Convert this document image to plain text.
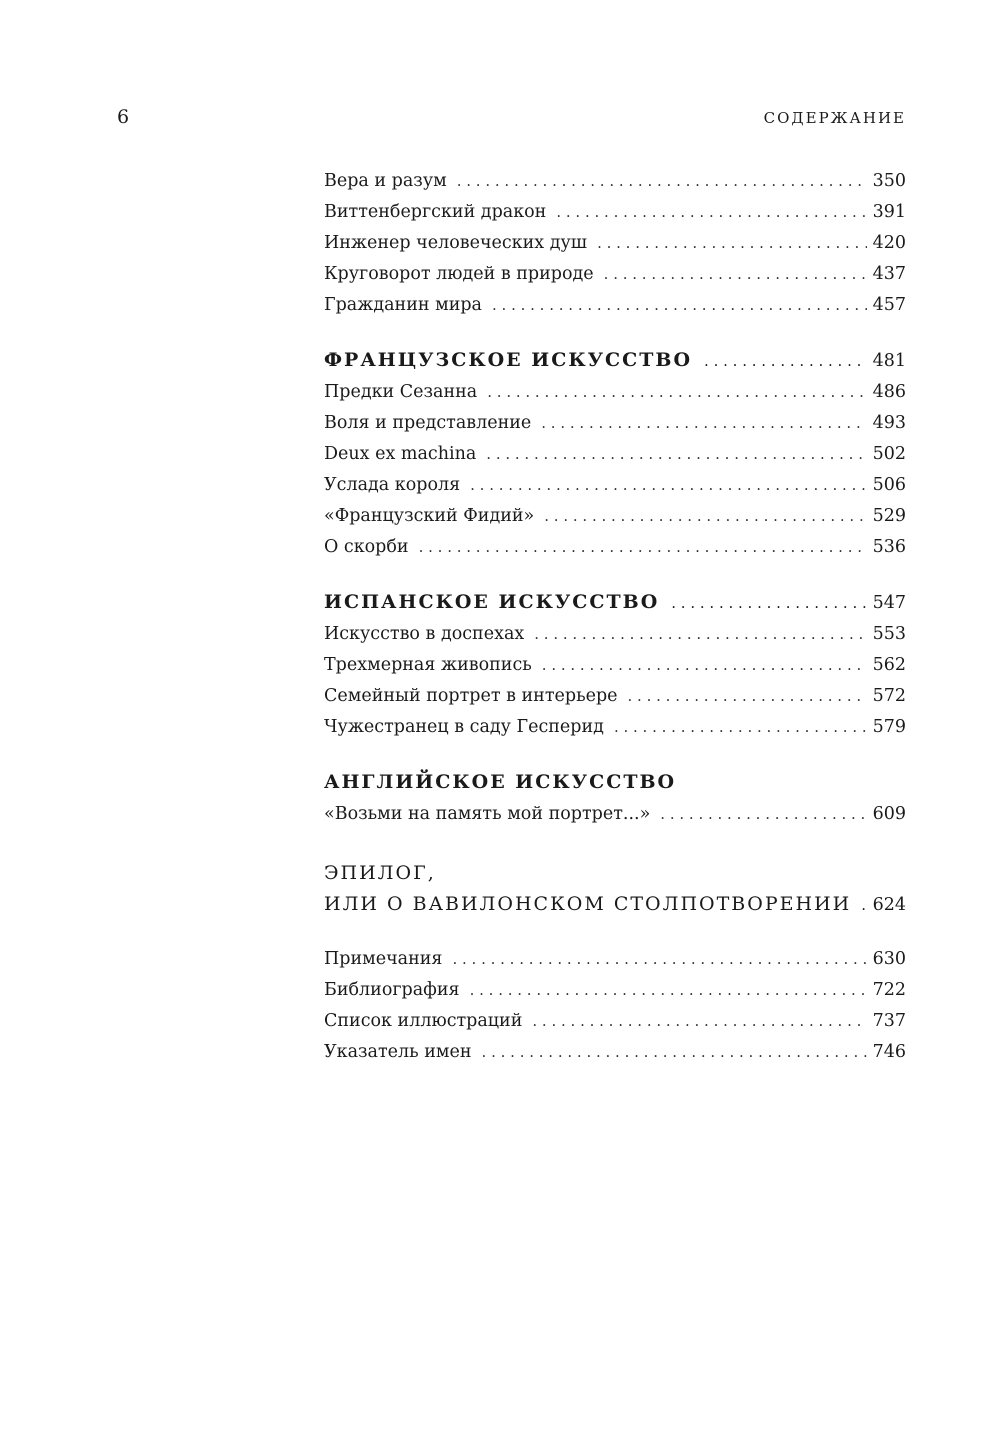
6	СОДЕРЖАНИЕ
Вера и разум . . .	350
Виттенбергский дракон . . .	391
Инженер человеческих душ . . .	420
Круговорот людей в природе . . .	437
Гражданин мира . . .	457
ФРАНЦУЗСКОЕ ИСКУССТВО . . .	481
Предки Сезанна . . .	486
Воля и представление . . .	493
Deux ex machina . . .	502
Услада короля . . .	506
«Французский Фидий» . . .	529
О скорби . . .	536
ИСПАНСКОЕ ИСКУССТВО . . .	547
Искусство в доспехах . . .	553
Трехмерная живопись . . .	562
Семейный портрет в интерьере . . .	572
Чужестранец в саду Гесперид . . .	579
АНГЛИЙСКОЕ ИСКУССТВО
«Возьми на память мой портрет...» . . .	609
ЭПИЛОГ,
ИЛИ О ВАВИЛОНСКОМ СТОЛПОТВОРЕНИИ . . . 624
Примечания . . .	630
Библиография . . .	722
Список иллюстраций . . .	737
Указатель имен . . .	746
